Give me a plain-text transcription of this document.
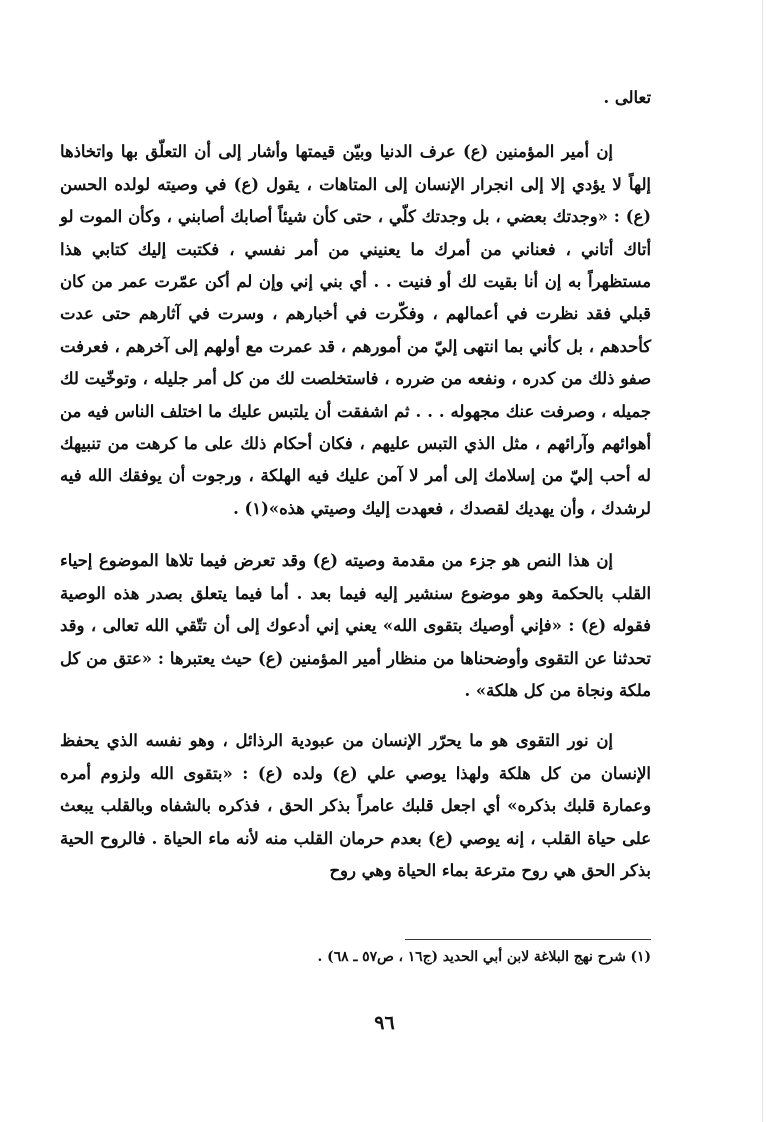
تعالى .

إن أمير المؤمنين (ع) عرف الدنيا وبيّن قيمتها وأشار إلى أن التعلّق بها واتخاذها إلهاً لا يؤدي إلا إلى انجرار الإنسان إلى المتاهات ، يقول (ع) في وصيته لولده الحسن (ع) : «وجدتك بعضي ، بل وجدتك كلّي ، حتى كأن شيئاً أصابك أصابني ، وكأن الموت لو أتاك أتاني ، فعناني من أمرك ما يعنيني من أمر نفسي ، فكتبت إليك كتابي هذا مستظهراً به إن أنا بقيت لك أو فنيت . . أي بني إني وإن لم أكن عمّرت عمر من كان قبلي فقد نظرت في أعمالهم ، وفكّرت في أخبارهم ، وسرت في آثارهم حتى عدت كأحدهم ، بل كأني بما انتهى إليّ من أمورهم ، قد عمرت مع أولهم إلى آخرهم ، فعرفت صفو ذلك من كدره ، ونفعه من ضرره ، فاستخلصت لك من كل أمر جليله ، وتوخّيت لك جميله ، وصرفت عنك مجهوله . . . ثم اشفقت أن يلتبس عليك ما اختلف الناس فيه من أهوائهم وآرائهم ، مثل الذي التبس عليهم ، فكان أحكام ذلك على ما كرهت من تنبيهك له أحب إليّ من إسلامك إلى أمر لا آمن عليك فيه الهلكة ، ورجوت أن يوفقك الله فيه لرشدك ، وأن يهديك لقصدك ، فعهدت إليك وصيتي هذه»(١) .

إن هذا النص هو جزء من مقدمة وصيته (ع) وقد تعرض فيما تلاها الموضوع إحياء القلب بالحكمة وهو موضوع سنشير إليه فيما بعد . أما فيما يتعلق بصدر هذه الوصية فقوله (ع) : «فإني أوصيك بتقوى الله» يعني إني أدعوك إلى أن تتّقي الله تعالى ، وقد تحدثنا عن التقوى وأوضحناها من منظار أمير المؤمنين (ع) حيث يعتبرها : «عتق من كل ملكة ونجاة من كل هلكة» .

إن نور التقوى هو ما يحرّر الإنسان من عبودية الرذائل ، وهو نفسه الذي يحفظ الإنسان من كل هلكة ولهذا يوصي علي (ع) ولده (ع) : «بتقوى الله ولزوم أمره وعمارة قلبك بذكره» أي اجعل قلبك عامراً بذكر الحق ، فذكره بالشفاه وبالقلب يبعث على حياة القلب ، إنه يوصي (ع) بعدم حرمان القلب منه لأنه ماء الحياة . فالروح الحية بذكر الحق هي روح مترعة بماء الحياة وهي روح

(١) شرح نهج البلاغة لابن أبي الحديد (ج١٦ ، ص٥٧ ـ ٦٨) .
٩٦
